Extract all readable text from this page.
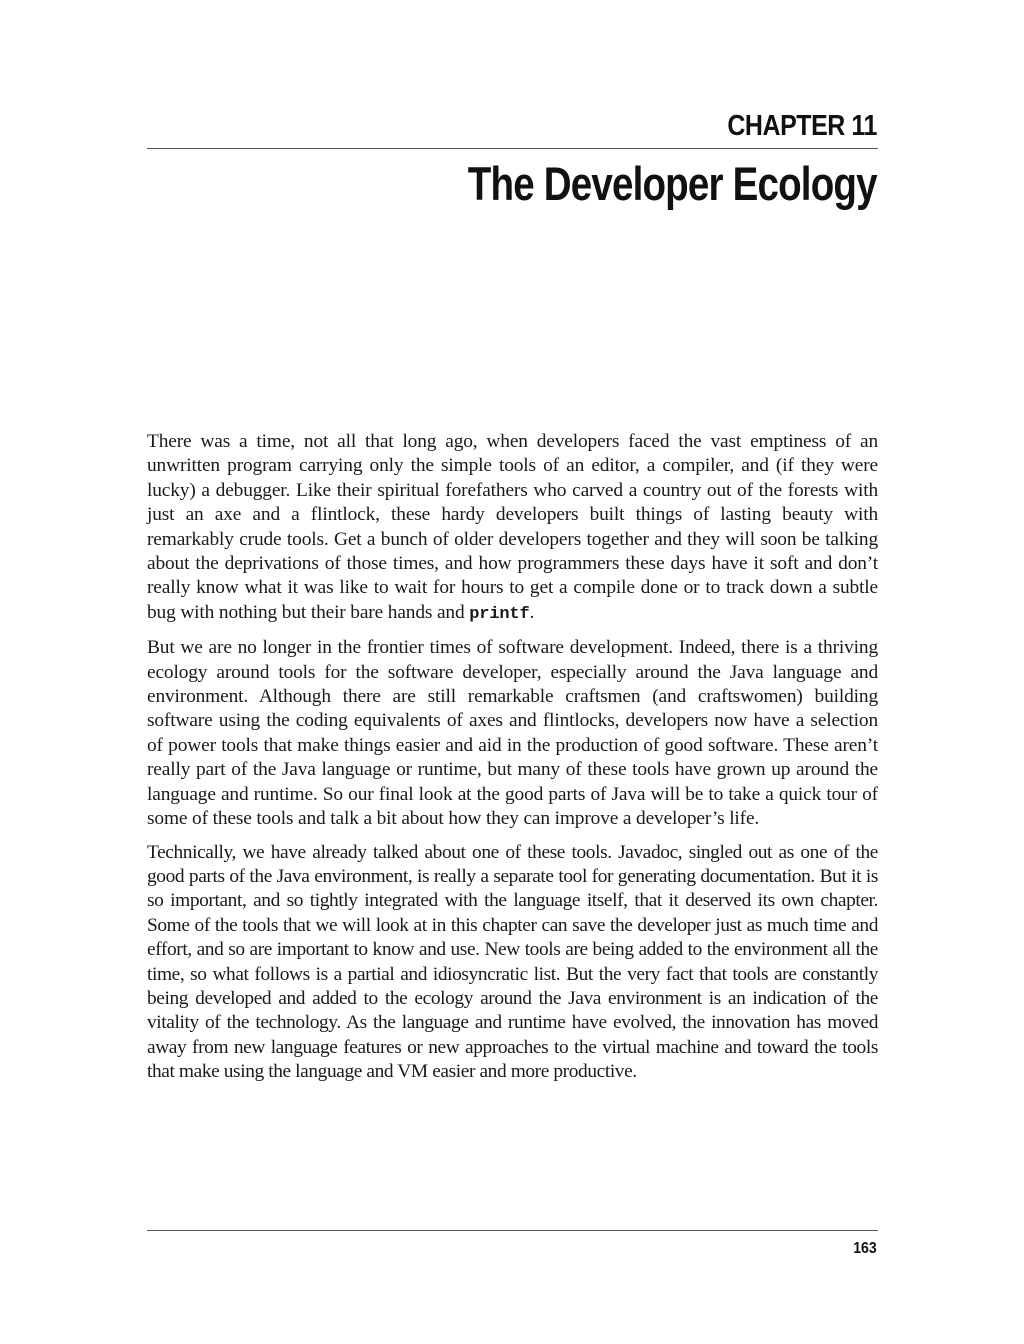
CHAPTER 11
The Developer Ecology

There was a time, not all that long ago, when developers faced the vast emptiness of an unwritten program carrying only the simple tools of an editor, a compiler, and (if they were lucky) a debugger. Like their spiritual forefathers who carved a country out of the forests with just an axe and a flintlock, these hardy developers built things of lasting beauty with remarkably crude tools. Get a bunch of older developers together and they will soon be talking about the deprivations of those times, and how programmers these days have it soft and don’t really know what it was like to wait for hours to get a compile done or to track down a subtle bug with nothing but their bare hands and printf.

But we are no longer in the frontier times of software development. Indeed, there is a thriving ecology around tools for the software developer, especially around the Java language and environment. Although there are still remarkable craftsmen (and craftswomen) building software using the coding equivalents of axes and flintlocks, developers now have a selection of power tools that make things easier and aid in the production of good software. These aren’t really part of the Java language or runtime, but many of these tools have grown up around the language and runtime. So our final look at the good parts of Java will be to take a quick tour of some of these tools and talk a bit about how they can improve a developer’s life.

Technically, we have already talked about one of these tools. Javadoc, singled out as one of the good parts of the Java environment, is really a separate tool for generating documentation. But it is so important, and so tightly integrated with the language itself, that it deserved its own chapter. Some of the tools that we will look at in this chapter can save the developer just as much time and effort, and so are important to know and use. New tools are being added to the environment all the time, so what follows is a partial and idiosyncratic list. But the very fact that tools are constantly being developed and added to the ecology around the Java environment is an indication of the vitality of the technology. As the language and runtime have evolved, the innovation has moved away from new language features or new approaches to the virtual machine and toward the tools that make using the language and VM easier and more productive.

163
